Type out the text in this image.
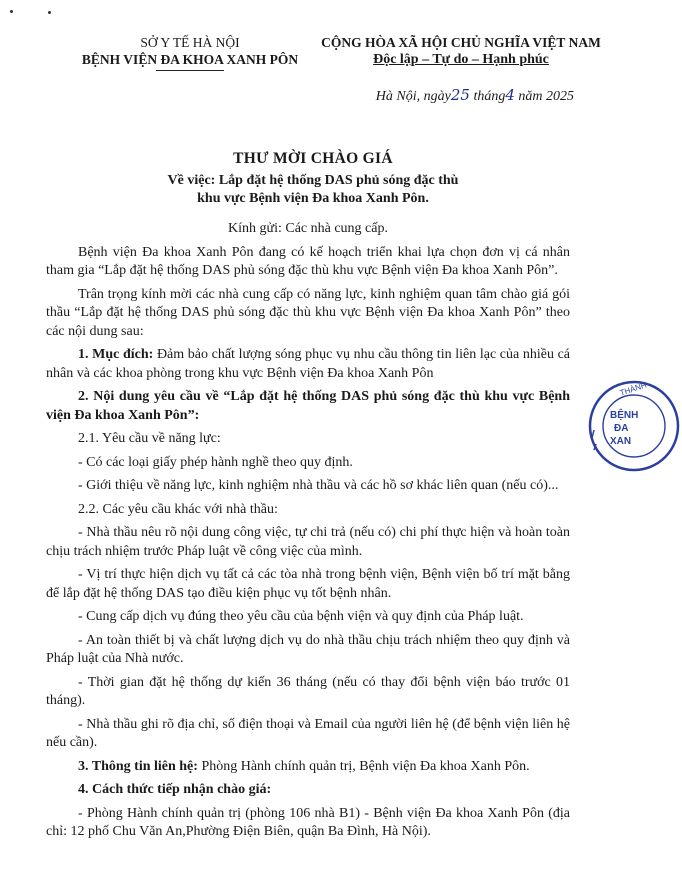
SỞ Y TẾ HÀ NỘI
BỆNH VIỆN ĐA KHOA XANH PÔN
CỘNG HÒA XÃ HỘI CHỦ NGHĨA VIỆT NAM
Độc lập – Tự do – Hạnh phúc
Hà Nội, ngày25 tháng4 năm 2025
THƯ MỜI CHÀO GIÁ
Về việc: Lắp đặt hệ thống DAS phủ sóng đặc thù
khu vực Bệnh viện Đa khoa Xanh Pôn.

Kính gửi: Các nhà cung cấp.

Bệnh viện Đa khoa Xanh Pôn đang có kế hoạch triển khai lựa chọn đơn vị cá nhân tham gia “Lắp đặt hệ thống DAS phủ sóng đặc thù khu vực Bệnh viện Đa khoa Xanh Pôn”.

Trân trọng kính mời các nhà cung cấp có năng lực, kinh nghiệm quan tâm chào giá gói thầu “Lắp đặt hệ thống DAS phủ sóng đặc thù khu vực Bệnh viện Đa khoa Xanh Pôn” theo các nội dung sau:

1. Mục đích: Đảm bảo chất lượng sóng phục vụ nhu cầu thông tin liên lạc của nhiều cá nhân và các khoa phòng trong khu vực Bệnh viện Đa khoa Xanh Pôn

2. Nội dung yêu cầu về “Lắp đặt hệ thống DAS phủ sóng đặc thù khu vực Bệnh viện Đa khoa Xanh Pôn”:

2.1. Yêu cầu về năng lực:

- Có các loại giấy phép hành nghề theo quy định.

- Giới thiệu về năng lực, kinh nghiệm nhà thầu và các hồ sơ khác liên quan (nếu có)...

2.2. Các yêu cầu khác với nhà thầu:

- Nhà thầu nêu rõ nội dung công việc, tự chi trả (nếu có) chi phí thực hiện và hoàn toàn chịu trách nhiệm trước Pháp luật về công việc của mình.

- Vị trí thực hiện dịch vụ tất cả các tòa nhà trong bệnh viện, Bệnh viện bố trí mặt bằng để lắp đặt hệ thống DAS tạo điều kiện phục vụ tốt bệnh nhân.

- Cung cấp dịch vụ đúng theo yêu cầu của bệnh viện và quy định của Pháp luật.

- An toàn thiết bị và chất lượng dịch vụ do nhà thầu chịu trách nhiệm theo quy định và Pháp luật của Nhà nước.

- Thời gian đặt hệ thống dự kiến 36 tháng (nếu có thay đổi bệnh viện báo trước 01 tháng).

- Nhà thầu ghi rõ địa chỉ, số điện thoại và Email của người liên hệ (để bệnh viện liên hệ nếu cần).

3. Thông tin liên hệ: Phòng Hành chính quản trị, Bệnh viện Đa khoa Xanh Pôn.

4. Cách thức tiếp nhận chào giá:

- Phòng Hành chính quản trị (phòng 106 nhà B1) - Bệnh viện Đa khoa Xanh Pôn (địa chỉ: 12 phố Chu Văn An,Phường Điện Biên, quận Ba Đình, Hà Nội).

THÀNH
BỆNH
ĐA
XAN
